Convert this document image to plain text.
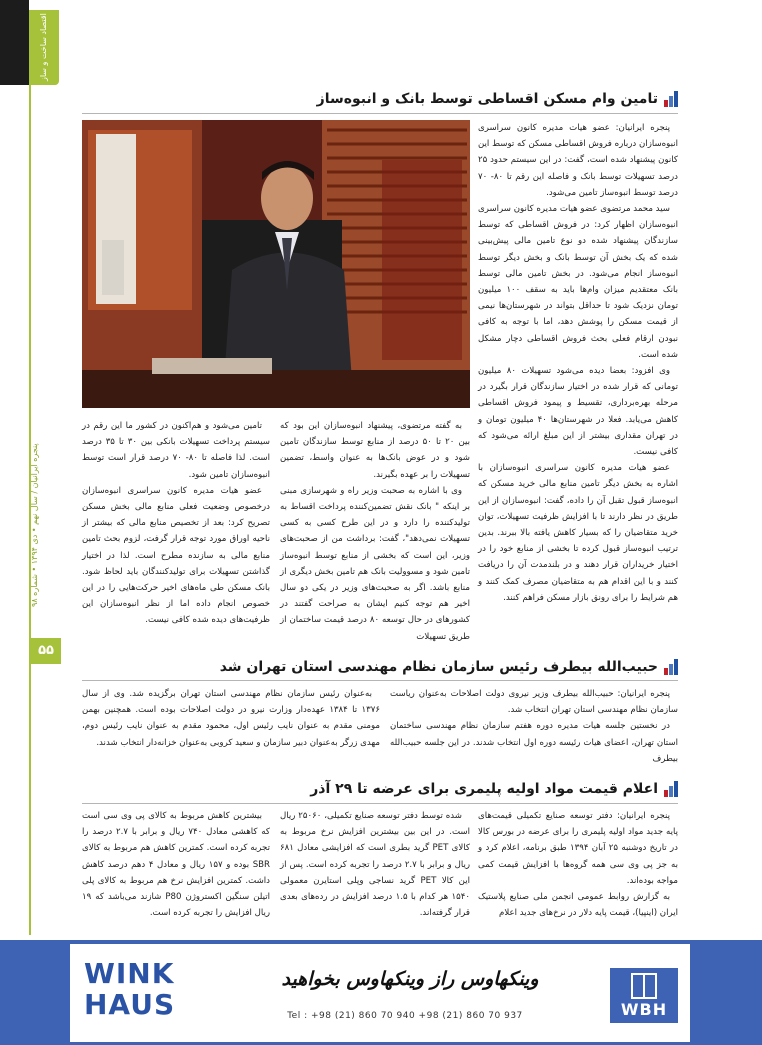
اقتصاد ساخت و ساز
پنجره ایرانیان / سال نهم • دی ۱۳۹۴ • شماره ۹۸
۵۵
تامین وام مسکن اقساطی توسط بانک و انبوه‌ساز

پنجره ایرانیان: عضو هیات مدیره کانون سراسری انبوه‌سازان درباره فروش اقساطی مسکن که توسط این کانون پیشنهاد شده است، گفت: در این سیستم حدود ۲۵ درصد تسهیلات توسط بانک و فاصله این رقم تا ۸۰- ۷۰ درصد توسط انبوه‌ساز تامین می‌شود.

سید محمد مرتضوی عضو هیات مدیره کانون سراسری انبوه‌سازان اظهار کرد: در فروش اقساطی که توسط سازندگان پیشنهاد شده دو نوع تامین مالی پیش‌بینی شده که یک بخش آن توسط بانک و بخش دیگر توسط انبوه‌ساز انجام می‌شود. در بخش تامین مالی توسط بانک معتقدیم میزان وام‌ها باید به سقف ۱۰۰ میلیون تومان نزدیک شود تا حداقل بتواند در شهرستان‌ها نیمی از قیمت مسکن را پوشش دهد، اما با توجه به کافی نبودن ارقام فعلی بحث فروش اقساطی دچار مشکل شده است.

وی افزود: بعضا دیده می‌شود تسهیلات ۸۰ میلیون تومانی که قرار شده در اختیار سازندگان قرار بگیرد در مرحله بهره‌برداری، تقسیط و پیمود فروش اقساطی کاهش می‌یابد. فعلا در شهرستان‌ها ۴۰ میلیون تومان و در تهران مقداری بیشتر از این مبلغ ارائه می‌شود که کافی نیست.

عضو هیات مدیره کانون سراسری انبوه‌سازان با اشاره به بخش دیگر تامین منابع مالی خرید مسکن که انبوه‌ساز قبول تقبل آن را داده، گفت: انبوه‌سازان از این طریق در نظر دارند تا با افزایش ظرفیت تسهیلات، توان خرید متقاضیان را که بسیار کاهش یافته بالا ببرند. بدین ترتیب انبوه‌ساز قبول کرده تا بخشی از منابع خود را در اختیار خریداران قرار دهند و در بلندمدت آن را دریافت کنند و با این اقدام هم به متقاضیان مصرف کمک کنند و هم شرایط را برای رونق بازار مسکن فراهم کنند.

به گفته مرتضوی، پیشنهاد انبوه‌سازان این بود که بین ۲۰ تا ۵۰ درصد از منابع توسط سازندگان تامین شود و در عوض بانک‌ها به عنوان واسط، تضمین تسهیلات را بر عهده بگیرند.

وی با اشاره به صحبت وزیر راه و شهرسازی مبنی بر اینکه " بانک نقش تضمین‌کننده پرداخت اقساط به تولیدکننده را دارد و در این طرح کسی به کسی تسهیلات نمی‌دهد"، گفت: برداشت من از صحبت‌های وزیر، این است که بخشی از منابع توسط انبوه‌ساز تامین شود و مسوولیت بانک هم تامین بخش دیگری از منابع باشد. اگر به صحبت‌های وزیر در یکی دو سال اخیر هم توجه کنیم ایشان به صراحت گفتند در کشورهای در حال توسعه ۸۰ درصد قیمت ساختمان از طریق تسهیلات

تامین می‌شود و هم‌اکنون در کشور ما این رقم در سیستم پرداخت تسهیلات بانکی بین ۳۰ تا ۳۵ درصد است. لذا فاصله تا ۸۰- ۷۰ درصد قرار است توسط انبوه‌سازان تامین شود.

عضو هیات مدیره کانون سراسری انبوه‌سازان درخصوص وضعیت فعلی منابع مالی بخش مسکن تصریح کرد: بعد از تخصیص منابع مالی که بیشتر از ناحیه اوراق مورد توجه قرار گرفت، لزوم بحث تامین منابع مالی به سازنده مطرح است. لذا در اختیار گذاشتن تسهیلات برای تولیدکنندگان باید لحاظ شود. بانک مسکن طی ماه‌های اخیر حرکت‌هایی را در این خصوص انجام داده اما از نظر انبوه‌سازان این ظرفیت‌های دیده شده کافی نیست.

حبیب‌الله بیطرف رئیس سازمان نظام مهندسی استان تهران شد

پنجره ایرانیان: حبیب‌الله بیطرف وزیر نیروی دولت اصلاحات به‌عنوان ریاست سازمان نظام مهندسی استان تهران انتخاب شد.

در نخستین جلسه هیات مدیره دوره هفتم سازمان نظام مهندسی ساختمان استان تهران، اعضای هیات رئیسه دوره اول انتخاب شدند. در این جلسه حبیب‌الله بیطرف

به‌عنوان رئیس سازمان نظام مهندسی استان تهران برگزیده شد. وی از سال ۱۳۷۶ تا ۱۳۸۴ عهده‌دار وزارت نیرو در دولت اصلاحات بوده است. همچنین بهمن مومنی مقدم به عنوان نایب رئیس اول، محمود مقدم به عنوان نایب رئیس دوم، مهدی زرگر به‌عنوان دبیر سازمان و سعید کروبی به‌عنوان خزانه‌دار انتخاب شدند.

اعلام قیمت مواد اولیه پلیمری برای عرضه تا ۲۹ آذر

پنجره ایرانیان: دفتر توسعه صنایع تکمیلی قیمت‌های پایه جدید مواد اولیه پلیمری را برای عرضه در بورس کالا در تاریخ دوشنبه ۲۵ آبان ۱۳۹۴ طبق برنامه، اعلام کرد و به جز پی وی سی همه گروه‌ها با افزایش قیمت کمی مواجه بوده‌اند.

به گزارش روابط عمومی انجمن ملی صنایع پلاستیک ایران (اینپیا)، قیمت پایه دلار در نرخ‌های جدید اعلام

شده توسط دفتر توسعه صنایع تکمیلی، ۲۵۰۶۰ ریال است. در این بین بیشترین افزایش نرخ مربوط به کالای PET گرید بطری است که افزایشی معادل ۶۸۱ ریال و برابر با ۲.۷ درصد را تجربه کرده است. پس از این کالا PET گرید نساجی وپلی استایرن معمولی ۱۵۴۰ هر کدام با ۱.۵ درصد افزایش در رده‌های بعدی قرار گرفته‌اند.

بیشترین کاهش مربوط به کالای پی وی سی است که کاهشی معادل ۷۴۰ ریال و برابر با ۲.۷ درصد را تجربه کرده است. کمترین کاهش هم مربوط به کالای SBR بوده و ۱۵۷ ریال و معادل ۴ دهم درصد کاهش داشت. کمترین افزایش نرخ هم مربوط به کالای پلی اتیلن سنگین اکستروژن P80 شازند می‌باشد که ۱۹ ریال افزایش را تجربه کرده است.

WINK HAUS
وینکهاوس راز وینکهاوس بخواهید
Tel : +98 (21) 860 70 940 +98 (21) 860 70 937	WBH
